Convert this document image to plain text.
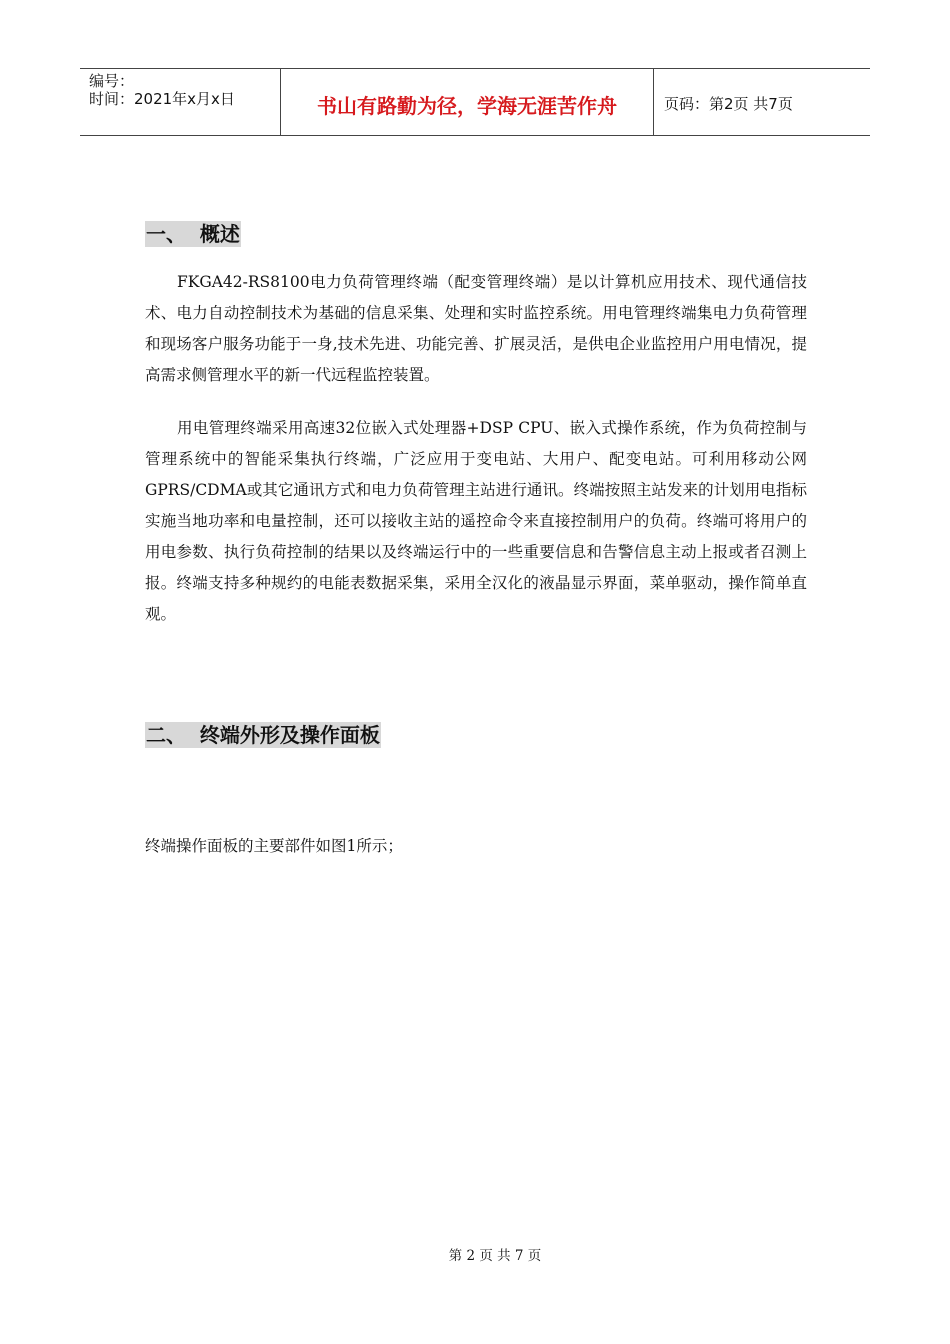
编号：
时间：2021年x月x日	书山有路勤为径，学海无涯苦作舟	页码：第2页 共7页
一、  概述

FKGA42-RS8100电力负荷管理终端（配变管理终端）是以计算机应用技术、现代通信技术、电力自动控制技术为基础的信息采集、处理和实时监控系统。用电管理终端集电力负荷管理和现场客户服务功能于一身,技术先进、功能完善、扩展灵活，是供电企业监控用户用电情况，提高需求侧管理水平的新一代远程监控装置。

用电管理终端采用高速32位嵌入式处理器+DSP CPU、嵌入式操作系统，作为负荷控制与管理系统中的智能采集执行终端，广泛应用于变电站、大用户、配变电站。可利用移动公网GPRS/CDMA或其它通讯方式和电力负荷管理主站进行通讯。终端按照主站发来的计划用电指标实施当地功率和电量控制，还可以接收主站的遥控命令来直接控制用户的负荷。终端可将用户的用电参数、执行负荷控制的结果以及终端运行中的一些重要信息和告警信息主动上报或者召测上报。终端支持多种规约的电能表数据采集，采用全汉化的液晶显示界面，菜单驱动，操作简单直观。

二、  终端外形及操作面板

终端操作面板的主要部件如图1所示；

第 2 页 共 7 页
